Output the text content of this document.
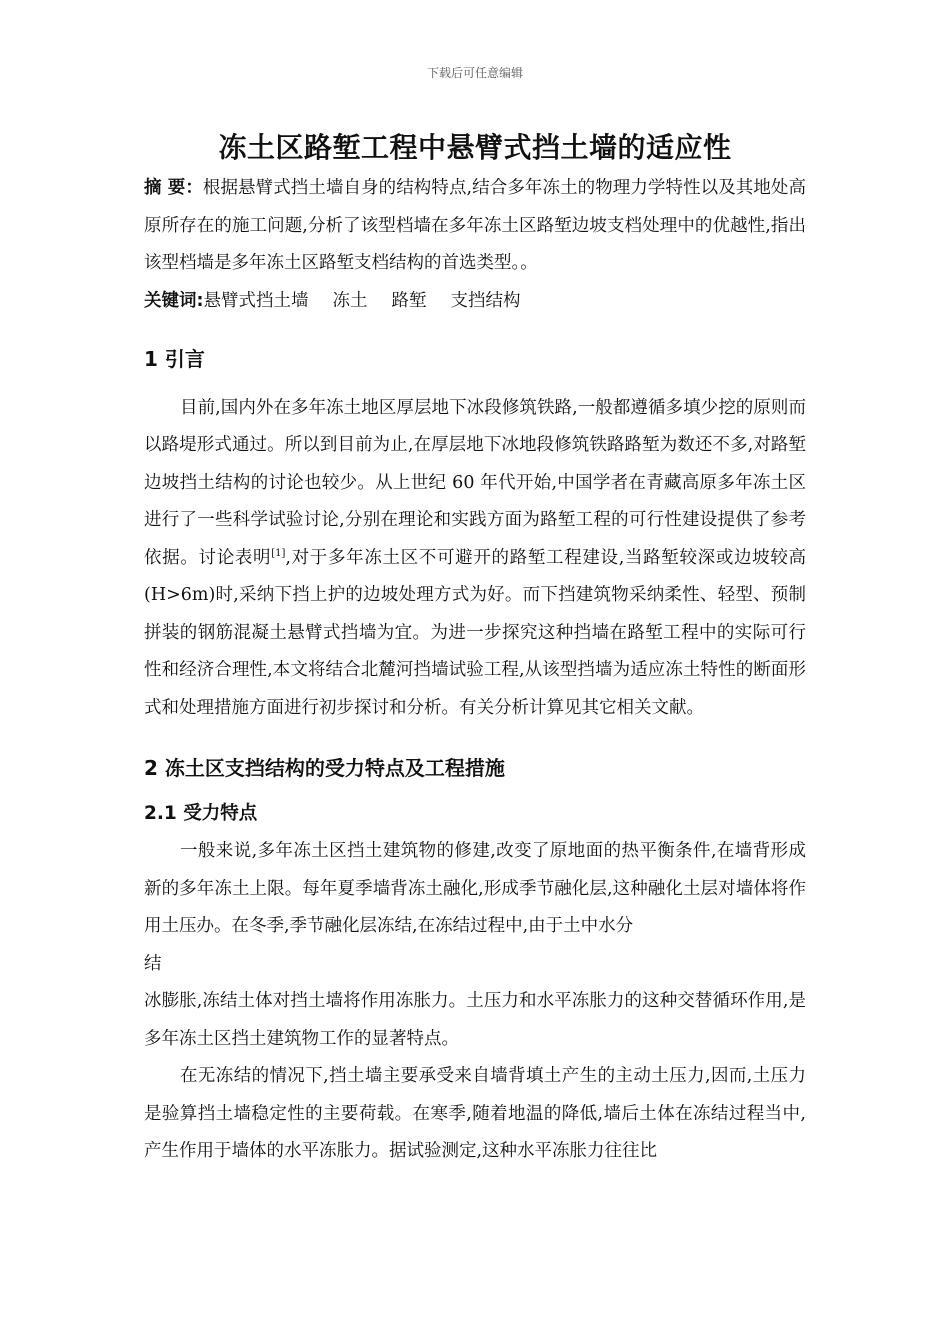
下载后可任意编辑
冻土区路堑工程中悬臂式挡土墙的适应性

摘 要：根据悬臂式挡土墙自身的结构特点,结合多年冻土的物理力学特性以及其地处高原所存在的施工问题,分析了该型档墙在多年冻土区路堑边坡支档处理中的优越性,指出该型档墙是多年冻土区路堑支档结构的首选类型。。

关键词:悬臂式挡土墙 冻土 路堑 支挡结构

1 引言

目前,国内外在多年冻土地区厚层地下冰段修筑铁路,一般都遵循多填少挖的原则而以路堤形式通过。所以到目前为止,在厚层地下冰地段修筑铁路路堑为数还不多,对路堑边坡挡土结构的讨论也较少。从上世纪 60 年代开始,中国学者在青藏高原多年冻土区进行了一些科学试验讨论,分别在理论和实践方面为路堑工程的可行性建设提供了参考依据。讨论表明[1],对于多年冻土区不可避开的路堑工程建设,当路堑较深或边坡较高(H>6m)时,采纳下挡上护的边坡处理方式为好。而下挡建筑物采纳柔性、轻型、预制拼装的钢筋混凝土悬臂式挡墙为宜。为进一步探究这种挡墙在路堑工程中的实际可行性和经济合理性,本文将结合北麓河挡墙试验工程,从该型挡墙为适应冻土特性的断面形式和处理措施方面进行初步探讨和分析。有关分析计算见其它相关文献。

2 冻土区支挡结构的受力特点及工程措施
2.1 受力特点

一般来说,多年冻土区挡土建筑物的修建,改变了原地面的热平衡条件,在墙背形成新的多年冻土上限。每年夏季墙背冻土融化,形成季节融化层,这种融化土层对墙体将作用土压办。在冬季,季节融化层冻结,在冻结过程中,由于土中水分

结

冰膨胀,冻结土体对挡土墙将作用冻胀力。土压力和水平冻胀力的这种交替循环作用,是多年冻土区挡土建筑物工作的显著特点。

在无冻结的情况下,挡土墙主要承受来自墙背填土产生的主动土压力,因而,土压力是验算挡土墙稳定性的主要荷载。在寒季,随着地温的降低,墙后土体在冻结过程当中,产生作用于墙体的水平冻胀力。据试验测定,这种水平冻胀力往往比
